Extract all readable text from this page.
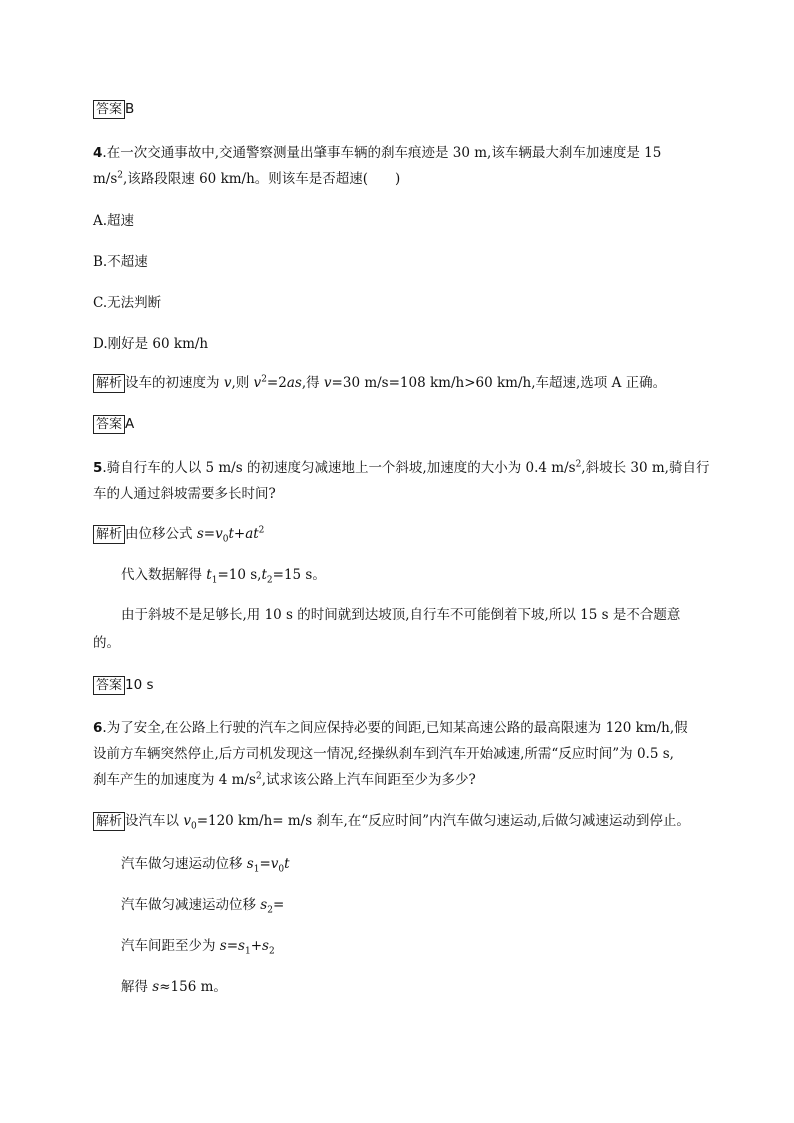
答案 B
4.在一次交通事故中,交通警察测量出肇事车辆的刹车痕迹是 30 m,该车辆最大刹车加速度是 15
$m/s^2$,该路段限速 60 km/h。则该车是否超速(　　)
A.超速
B.不超速
C.无法判断
D.刚好是 60 km/h
解析 设车的初速度为 v,则 $v^2=2as$,得 v=30 m/s=108 km/h>60 km/h,车超速,选项 A 正确。
答案 A
5.骑自行车的人以 5 m/s 的初速度匀减速地上一个斜坡,加速度的大小为 0.4 $m/s^2$,斜坡长 30 m,骑自行
车的人通过斜坡需要多长时间?
解析 由位移公式 $s=v_0t+at^2$
代入数据解得 $t_1=10$ $s,t_2=15$ s。
由于斜坡不是足够长,用 10 s 的时间就到达坡顶,自行车不可能倒着下坡,所以 15 s 是不合题意
的。
答案 10 s
6.为了安全,在公路上行驶的汽车之间应保持必要的间距,已知某高速公路的最高限速为 120 km/h,假
设前方车辆突然停止,后方司机发现这一情况,经操纵刹车到汽车开始减速,所需“反应时间”为 0.5 s,
刹车产生的加速度为 4 $m/s^2$,试求该公路上汽车间距至少为多少?
解析 设汽车以 $v_0=120$ km/h= m/s 刹车,在“反应时间”内汽车做匀速运动,后做匀减速运动到停止。
汽车做匀速运动位移 $s_1=v_0t$
汽车做匀减速运动位移 $s_2=$
汽车间距至少为 $s=s_1+s_2$
解得 s≈156 m。
